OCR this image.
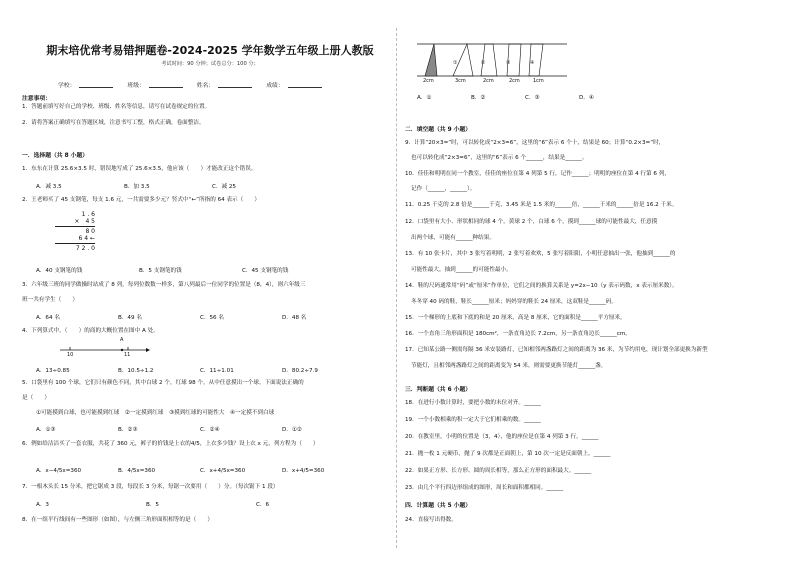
期末培优常考易错押题卷-2024-2025 学年数学五年级上册人教版
考试时间：90 分钟；试卷总分：100 分；
学校：	班级：	姓名：	成绩：
注意事项：
1．答题前填写好自己的学校、班级、姓名等信息，请写在试卷规定的位置。
2．请将答案正确填写在答题区域，注意书写工整，格式正确，卷面整洁。
一．选择题（共 8 小题）
1．东东在计算 25.6×3.5 时，错误地写成了 25.6×3.5，他应该（　　）才能改正这个错误。
A．减 3.5	B．加 3.5	C．减 25
2．王老师买了 45 支钢笔，每支 1.6 元，一共需要多少元？竖式中“←”所指的 64 表示（　　）
1 . 6
×　4 5
8 0
6 4 ←
7 2 . 0
A．40 支钢笔的钱	B．5 支钢笔的钱	C．45 支钢笔的钱
3．六年级三班的同学做操时站成了 8 列，每列位数数一样多，第八列最后一位同学的位置是（8，4），则六年级三
班一共有学生（　　）
A．64 名	B．49 名	C．56 名	D．48 名
4．下列算式中，（　　）的商的大概位置在图中 A 处。
10	11
A
A．13÷0.85	B．10.5÷1.2	C．11÷1.01	D．80.2÷7.9
5．口袋里有 100 个球，它们只有颜色不同，其中白球 2 个，红球 98 个。从中任意摸出一个球。下面说法正确的
是（　　）
①可能摸到白球，也可能摸到红球　②一定摸到红球　③摸到红球的可能性大　④一定摸不到白球
A．①③	B．②③	C．②④	D．①②
6．例如给洁洁买了一套衣服，共花了 360 元，裤子的价钱是上衣的4/5，上衣多少钱？设上衣 x 元，列方程为（　　）
A．x−4/5x=360	B．4/5x=360	C．x+4/5x=360	D．x+4/5=360
7．一根木头长 15 分米，把它锯成 3 段，每段长 3 分米，每锯一次要用（　　）分。（每次锯下 1 段）
A．3	B．5	C．6
8．在一组平行线间有一些图形（如图），与左侧三角形面积相等的是（　　）
①	②	③	④
2cm	3cm	2cm	2cm	1cm
A．①	B．②	C．③	D．④
二．填空题（共 9 小题）
9．计算“20×3=”时，可以转化成“2×3=6”，这里的“6”表示 6 个十，结果是 60；计算“0.2×3=”时，
也可以转化成“2×3=6”，这里的“6”表示 6 个______，结果是______。
10．佳佳和明明在同一个教室，佳佳的座位在第 4 列第 5 行，记作______；明明的座位在第 4 行第 6 列，
记作（______，______）。
11．0.25 千克的 2.8 倍是______千克，3.45 米是 1.5 米的______倍，______千米的______倍是 16.2 千米。
12．口袋里有大小、形状相同的球 4 个，黄球 2 个，白球 6 个，摸到______球的可能性最大，任意摸
出两个球，可能有______种结果。
13．有 10 张卡片，其中 3 张写着明明，2 张写着欢欢，5 张写着阳阳，小明任意抽出一张，他抽到______的
可能性最大，抽到______的可能性最小。
14．鞋的尺码通常用“码”或“厘米”作单位，它们之间的换算关系是 y=2x−10（y 表示码数，x 表示厘米数）。
冬冬穿 40 码的鞋，鞋长______厘米；妈妈穿的鞋长 24 厘米，这双鞋是______码。
15．一个梯形的上底和下底的和是 20 厘米，高是 8 厘米，它的面积是______平方厘米。
16．一个直角三角形面积是 180cm²，一条直角边长 7.2cm，另一条直角边长______cm。
17．已知某公路一侧需每隔 36 米安装路灯，已知相邻两盏路灯之间的距离为 36 米，为节约用电，现计划全部更换为新型
节能灯，且相邻两盏路灯之间的距离变为 54 米，则需要更换节能灯______盏。
三．判断题（共 6 小题）
18．在进行小数计算时，要把小数的末位对齐。______
19．一个小数相乘的积一定大于它们相乘的数。______
20．在教室里，小明的位置是（3，4），他的座位是在第 4 列第 3 行。______
21．抛一枚 1 元硬币，抛了 9 次都是正面朝上，第 10 次一定是反面朝上。______
22．如果正方形、长方形、圆的周长相等，那么正方形的面积最大。______
23．由几个平行四边形组成的图形，周长和面积都相同。______
四．计算题（共 5 小题）
24．直接写出得数。
